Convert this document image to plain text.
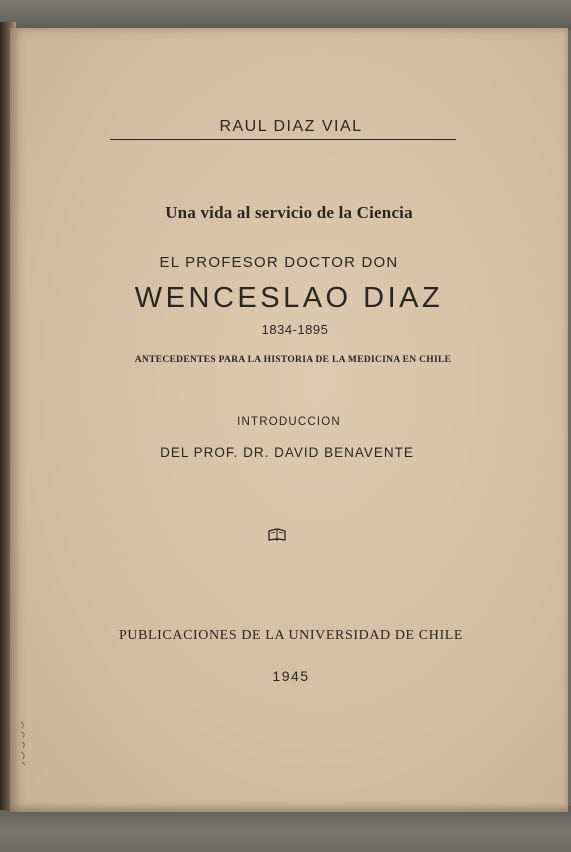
RAUL DIAZ VIAL
Una vida al servicio de la Ciencia
EL PROFESOR DOCTOR DON
WENCESLAO DIAZ
1834-1895
ANTECEDENTES PARA LA HISTORIA DE LA MEDICINA EN CHILE
INTRODUCCION
DEL PROF. DR. DAVID BENAVENTE
PUBLICACIONES DE LA UNIVERSIDAD DE CHILE
1945
